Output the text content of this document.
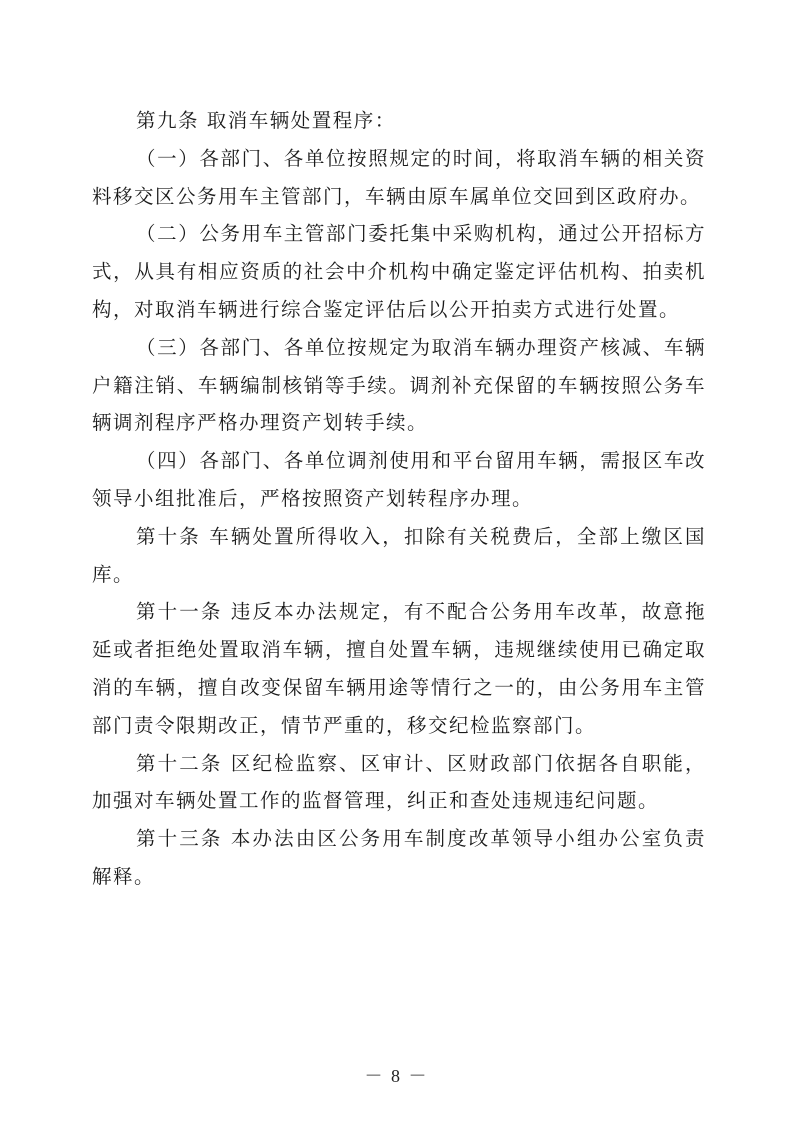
第九条 取消车辆处置程序：

（一）各部门、各单位按照规定的时间，将取消车辆的相关资料移交区公务用车主管部门，车辆由原车属单位交回到区政府办。

（二）公务用车主管部门委托集中采购机构，通过公开招标方式，从具有相应资质的社会中介机构中确定鉴定评估机构、拍卖机构，对取消车辆进行综合鉴定评估后以公开拍卖方式进行处置。

（三）各部门、各单位按规定为取消车辆办理资产核减、车辆户籍注销、车辆编制核销等手续。调剂补充保留的车辆按照公务车辆调剂程序严格办理资产划转手续。

（四）各部门、各单位调剂使用和平台留用车辆，需报区车改领导小组批准后，严格按照资产划转程序办理。

第十条 车辆处置所得收入，扣除有关税费后，全部上缴区国库。

第十一条 违反本办法规定，有不配合公务用车改革，故意拖延或者拒绝处置取消车辆，擅自处置车辆，违规继续使用已确定取消的车辆，擅自改变保留车辆用途等情行之一的，由公务用车主管部门责令限期改正，情节严重的，移交纪检监察部门。

第十二条 区纪检监察、区审计、区财政部门依据各自职能，加强对车辆处置工作的监督管理，纠正和查处违规违纪问题。

第十三条 本办法由区公务用车制度改革领导小组办公室负责解释。

－ 8 －
